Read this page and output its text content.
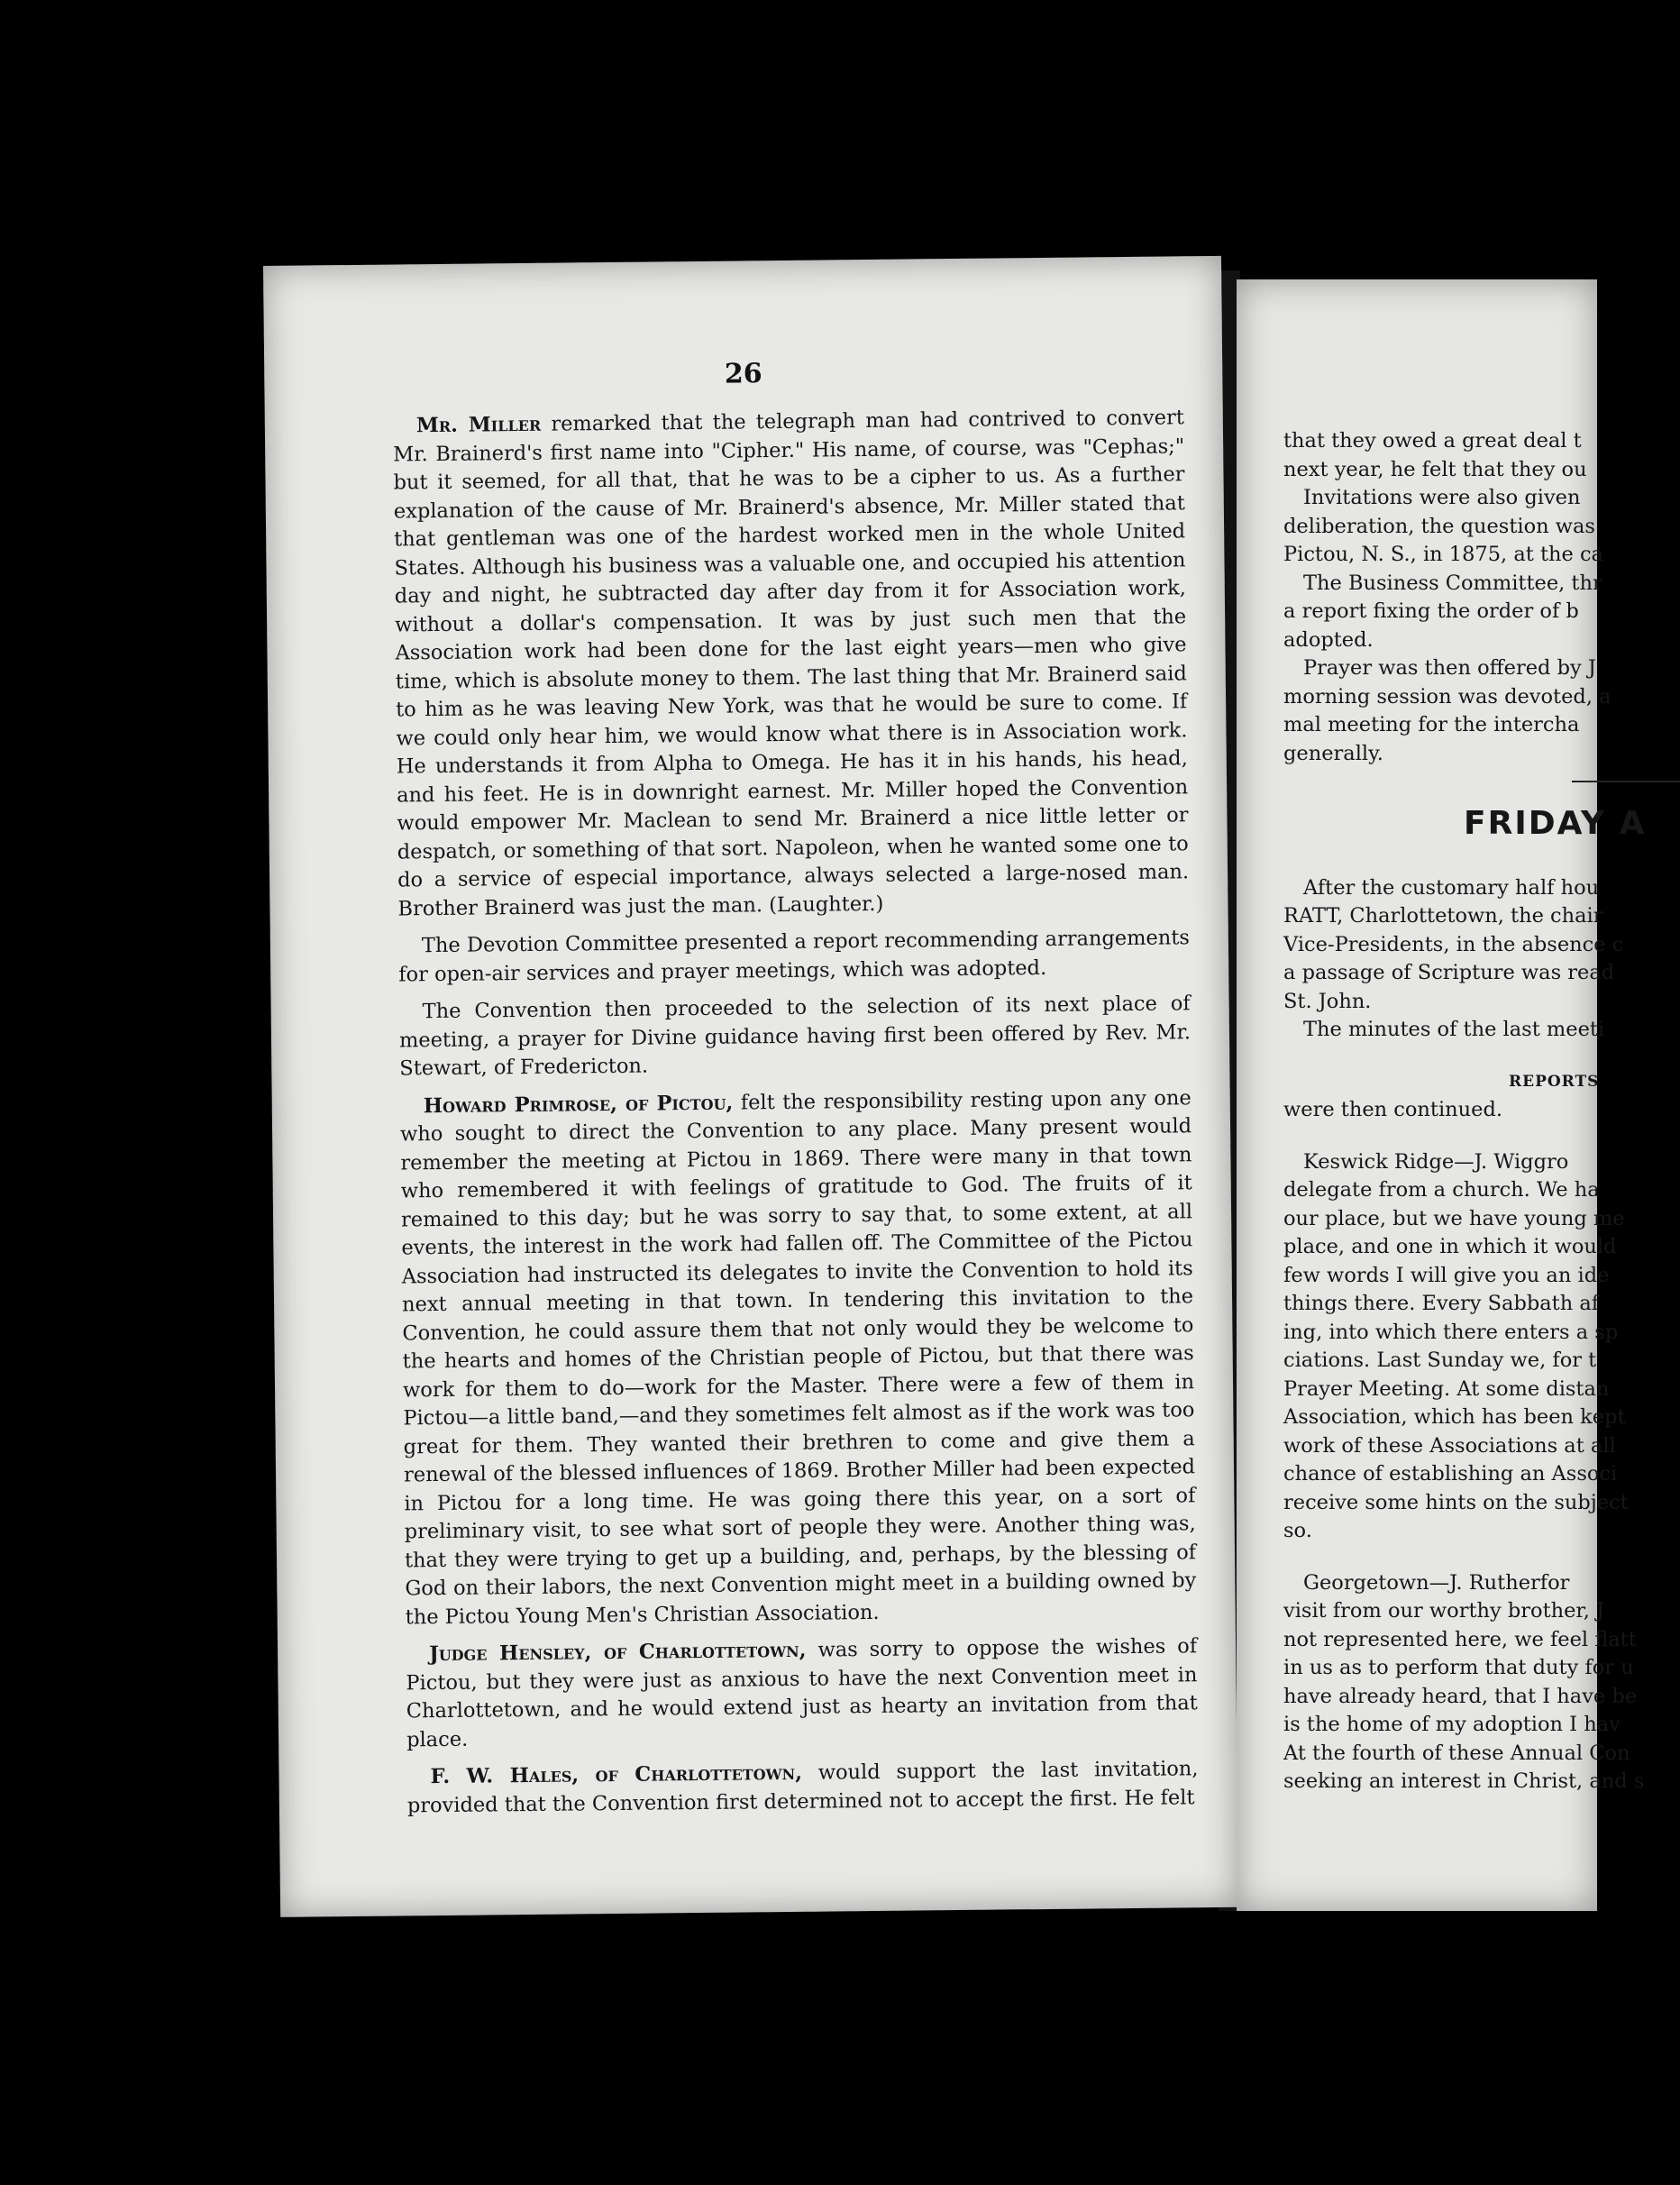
26

Mr. Miller remarked that the telegraph man had contrived to convert Mr. Brainerd's first name into "Cipher." His name, of course, was "Cephas;" but it seemed, for all that, that he was to be a cipher to us. As a further explanation of the cause of Mr. Brainerd's absence, Mr. Miller stated that that gentleman was one of the hardest worked men in the whole United States. Although his business was a valuable one, and occupied his attention day and night, he subtracted day after day from it for Association work, without a dollar's compensation. It was by just such men that the Association work had been done for the last eight years—men who give time, which is absolute money to them. The last thing that Mr. Brainerd said to him as he was leaving New York, was that he would be sure to come. If we could only hear him, we would know what there is in Association work. He understands it from Alpha to Omega. He has it in his hands, his head, and his feet. He is in downright earnest. Mr. Miller hoped the Convention would empower Mr. Maclean to send Mr. Brainerd a nice little letter or despatch, or something of that sort. Napoleon, when he wanted some one to do a service of especial importance, always selected a large-nosed man. Brother Brainerd was just the man. (Laughter.)

The Devotion Committee presented a report recommending arrangements for open-air services and prayer meetings, which was adopted.

The Convention then proceeded to the selection of its next place of meeting, a prayer for Divine guidance having first been offered by Rev. Mr. Stewart, of Fredericton.

Howard Primrose, of Pictou, felt the responsibility resting upon any one who sought to direct the Convention to any place. Many present would remember the meeting at Pictou in 1869. There were many in that town who remembered it with feelings of gratitude to God. The fruits of it remained to this day; but he was sorry to say that, to some extent, at all events, the interest in the work had fallen off. The Committee of the Pictou Association had instructed its delegates to invite the Convention to hold its next annual meeting in that town. In tendering this invitation to the Convention, he could assure them that not only would they be welcome to the hearts and homes of the Christian people of Pictou, but that there was work for them to do—work for the Master. There were a few of them in Pictou—a little band,—and they sometimes felt almost as if the work was too great for them. They wanted their brethren to come and give them a renewal of the blessed influences of 1869. Brother Miller had been expected in Pictou for a long time. He was going there this year, on a sort of preliminary visit, to see what sort of people they were. Another thing was, that they were trying to get up a building, and, perhaps, by the blessing of God on their labors, the next Convention might meet in a building owned by the Pictou Young Men's Christian Association.

Judge Hensley, of Charlottetown, was sorry to oppose the wishes of Pictou, but they were just as anxious to have the next Convention meet in Charlottetown, and he would extend just as hearty an invitation from that place.

F. W. Hales, of Charlottetown, would support the last invitation, provided that the Convention first determined not to accept the first. He felt

that they owed a great deal t
next year, he felt that they ou
Invitations were also given
deliberation, the question was
Pictou, N. S., in 1875, at the ca
The Business Committee, thr
a report fixing the order of b
adopted.
Prayer was then offered by J
morning session was devoted, a
mal meeting for the intercha
generally.
FRIDAY A
After the customary half hou
RATT, Charlottetown, the chair
Vice-Presidents, in the absence c
a passage of Scripture was read
St. John.
The minutes of the last meeti
REPORTS
were then continued.
Keswick Ridge—J. Wiggro
delegate from a church. We ha
our place, but we have young me
place, and one in which it would
few words I will give you an ide
things there. Every Sabbath af
ing, into which there enters a sp
ciations. Last Sunday we, for t
Prayer Meeting. At some distan
Association, which has been kept
work of these Associations at all
chance of establishing an Associ
receive some hints on the subject
so.
Georgetown—J. Rutherfor
visit from our worthy brother, J
not represented here, we feel flatt
in us as to perform that duty for u
have already heard, that I have be
is the home of my adoption I hav
At the fourth of these Annual Con
seeking an interest in Christ, and s
